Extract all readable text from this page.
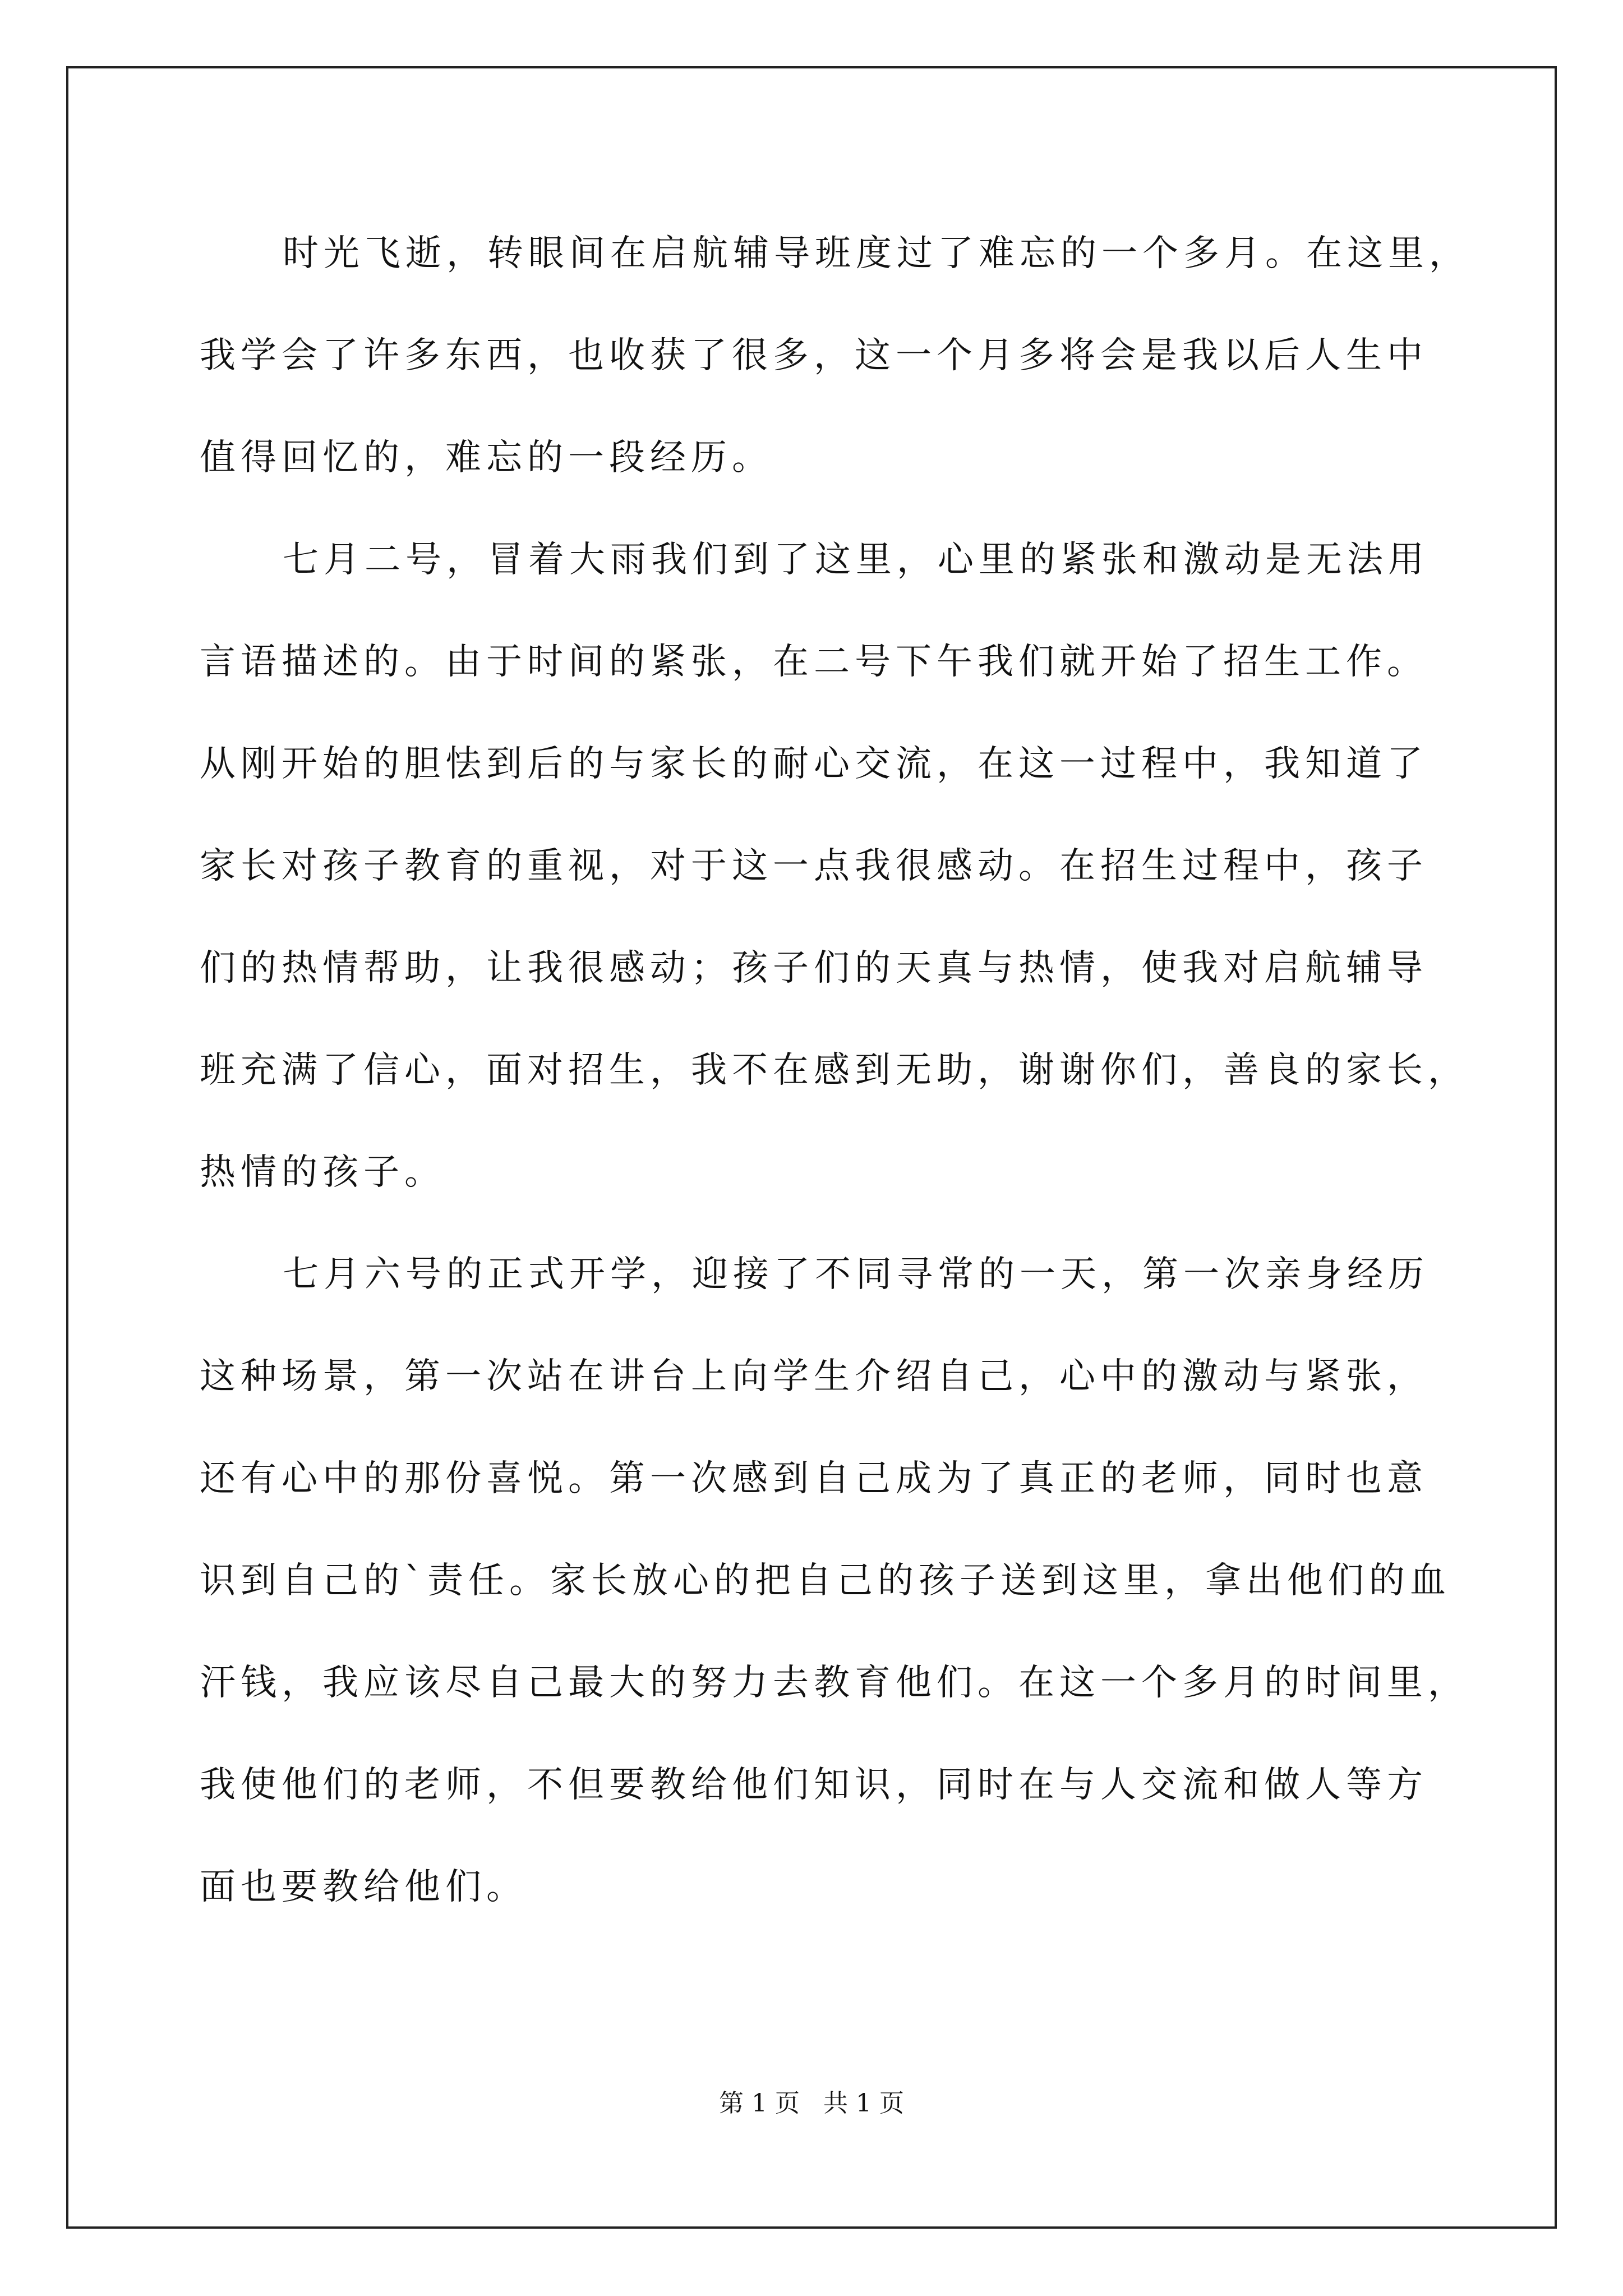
时光飞逝，转眼间在启航辅导班度过了难忘的一个多月。在这里，
我学会了许多东西，也收获了很多，这一个月多将会是我以后人生中
值得回忆的，难忘的一段经历。
七月二号，冒着大雨我们到了这里，心里的紧张和激动是无法用
言语描述的。由于时间的紧张，在二号下午我们就开始了招生工作。
从刚开始的胆怯到后的与家长的耐心交流，在这一过程中，我知道了
家长对孩子教育的重视，对于这一点我很感动。在招生过程中，孩子
们的热情帮助，让我很感动；孩子们的天真与热情，使我对启航辅导
班充满了信心，面对招生，我不在感到无助，谢谢你们，善良的家长，
热情的孩子。
七月六号的正式开学，迎接了不同寻常的一天，第一次亲身经历
这种场景，第一次站在讲台上向学生介绍自己，心中的激动与紧张，
还有心中的那份喜悦。第一次感到自己成为了真正的老师，同时也意
识到自己的`责任。家长放心的把自己的孩子送到这里，拿出他们的血
汗钱，我应该尽自己最大的努力去教育他们。在这一个多月的时间里，
我使他们的老师，不但要教给他们知识，同时在与人交流和做人等方
面也要教给他们。
第 1 页   共 1 页
